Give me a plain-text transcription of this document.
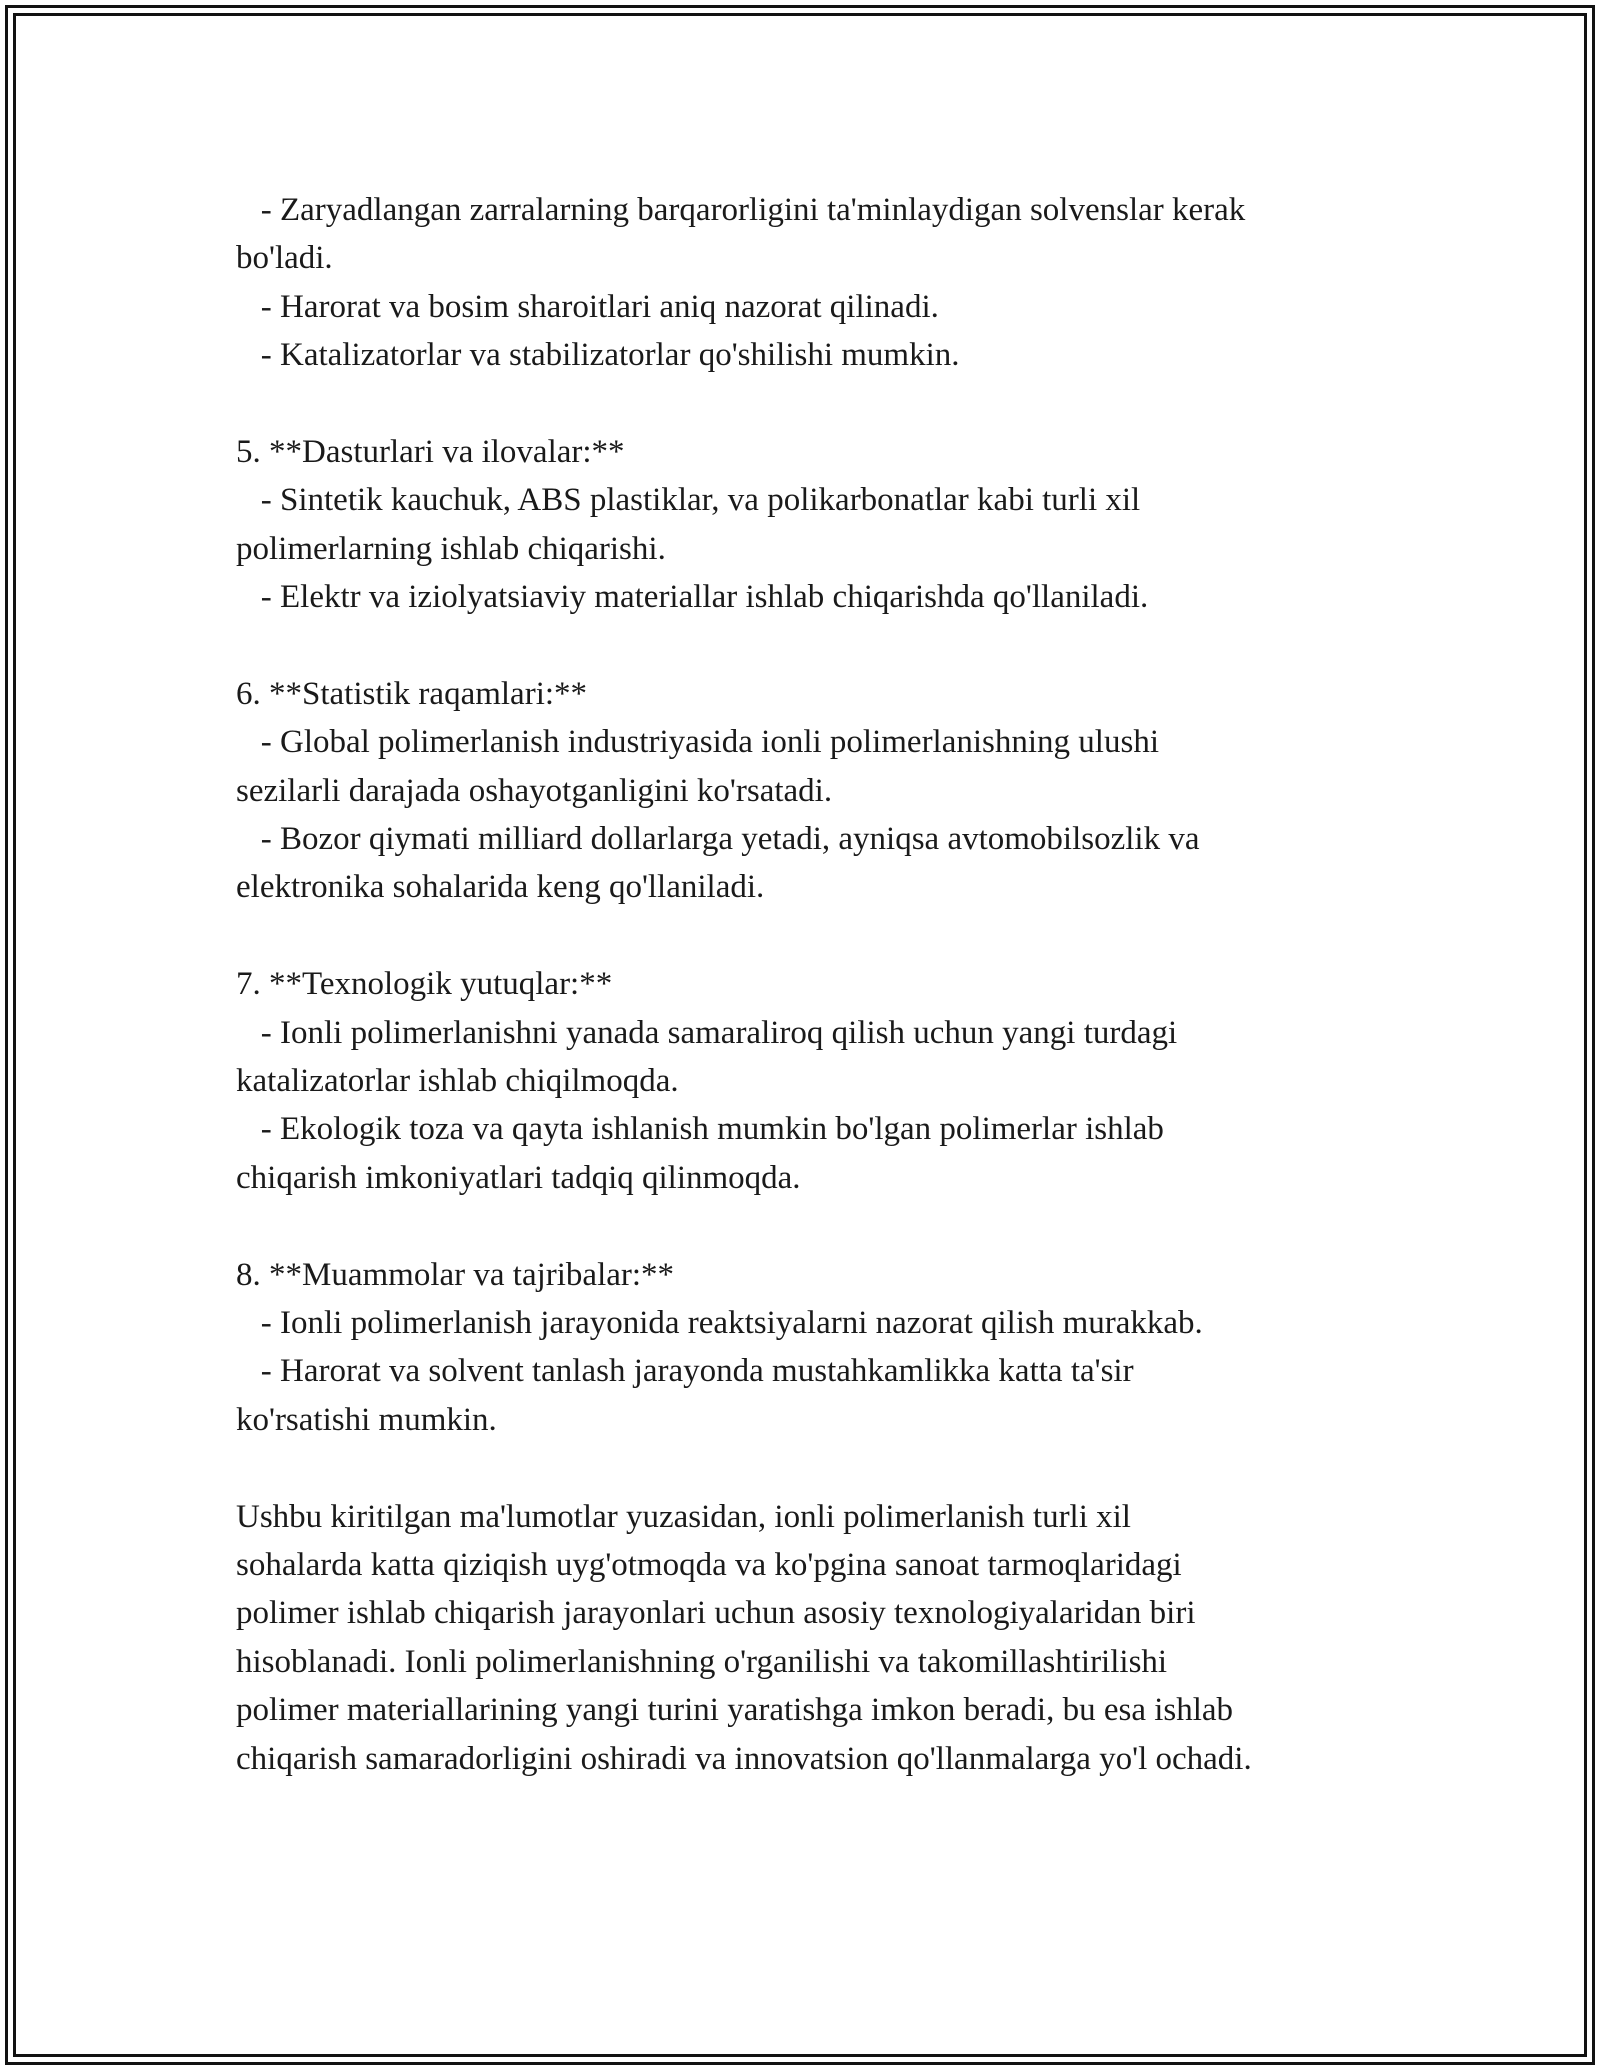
- Zaryadlangan zarralarning barqarorligini ta'minlaydigan solvenslar kerak
bo'ladi.
- Harorat va bosim sharoitlari aniq nazorat qilinadi.
- Katalizatorlar va stabilizatorlar qo'shilishi mumkin.
5. **Dasturlari va ilovalar:**
- Sintetik kauchuk, ABS plastiklar, va polikarbonatlar kabi turli xil
polimerlarning ishlab chiqarishi.
- Elektr va iziolyatsiaviy materiallar ishlab chiqarishda qo'llaniladi.
6. **Statistik raqamlari:**
- Global polimerlanish industriyasida ionli polimerlanishning ulushi
sezilarli darajada oshayotganligini ko'rsatadi.
- Bozor qiymati milliard dollarlarga yetadi, ayniqsa avtomobilsozlik va
elektronika sohalarida keng qo'llaniladi.
7. **Texnologik yutuqlar:**
- Ionli polimerlanishni yanada samaraliroq qilish uchun yangi turdagi
katalizatorlar ishlab chiqilmoqda.
- Ekologik toza va qayta ishlanish mumkin bo'lgan polimerlar ishlab
chiqarish imkoniyatlari tadqiq qilinmoqda.
8. **Muammolar va tajribalar:**
- Ionli polimerlanish jarayonida reaktsiyalarni nazorat qilish murakkab.
- Harorat va solvent tanlash jarayonda mustahkamlikka katta ta'sir
ko'rsatishi mumkin.
Ushbu kiritilgan ma'lumotlar yuzasidan, ionli polimerlanish turli xil
sohalarda katta qiziqish uyg'otmoqda va ko'pgina sanoat tarmoqlaridagi
polimer ishlab chiqarish jarayonlari uchun asosiy texnologiyalaridan biri
hisoblanadi. Ionli polimerlanishning o'rganilishi va takomillashtirilishi
polimer materiallarining yangi turini yaratishga imkon beradi, bu esa ishlab
chiqarish samaradorligini oshiradi va innovatsion qo'llanmalarga yo'l ochadi.
